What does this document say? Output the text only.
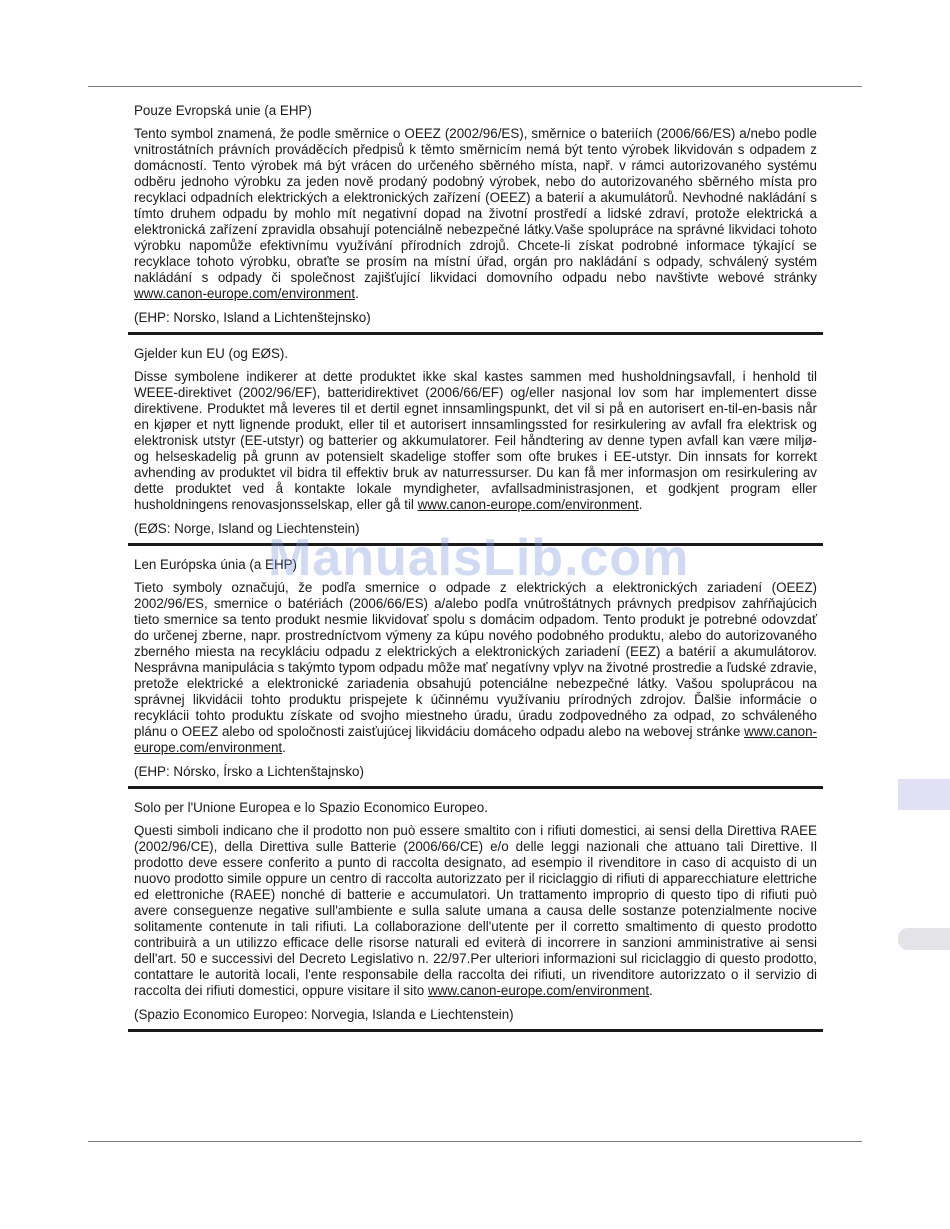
Pouze Evropská unie (a EHP)

Tento symbol znamená, že podle směrnice o OEEZ (2002/96/ES), směrnice o bateriích (2006/66/ES) a/nebo podle vnitrostátních právních prováděcích předpisů k těmto směrnicím nemá být tento výrobek likvidován s odpadem z domácností. Tento výrobek má být vrácen do určeného sběrného místa, např. v rámci autorizovaného systému odběru jednoho výrobku za jeden nově prodaný podobný výrobek, nebo do autorizovaného sběrného místa pro recyklaci odpadních elektrických a elektronických zařízení (OEEZ) a baterií a akumulátorů. Nevhodné nakládání s tímto druhem odpadu by mohlo mít negativní dopad na životní prostředí a lidské zdraví, protože elektrická a elektronická zařízení zpravidla obsahují potenciálně nebezpečné látky.Vaše spolupráce na správné likvidaci tohoto výrobku napomůže efektivnímu využívání přírodních zdrojů. Chcete-li získat podrobné informace týkající se recyklace tohoto výrobku, obraťte se prosím na místní úřad, orgán pro nakládání s odpady, schválený systém nakládání s odpady či společnost zajišťující likvidaci domovního odpadu nebo navštivte webové stránky www.canon-europe.com/environment.

(EHP: Norsko, Island a Lichtenštejnsko)
Gjelder kun EU (og EØS).

Disse symbolene indikerer at dette produktet ikke skal kastes sammen med husholdningsavfall, i henhold til WEEE-direktivet (2002/96/EF), batteridirektivet (2006/66/EF) og/eller nasjonal lov som har implementert disse direktivene. Produktet må leveres til et dertil egnet innsamlingspunkt, det vil si på en autorisert en-til-en-basis når en kjøper et nytt lignende produkt, eller til et autorisert innsamlingssted for resirkulering av avfall fra elektrisk og elektronisk utstyr (EE-utstyr) og batterier og akkumulatorer. Feil håndtering av denne typen avfall kan være miljø- og helseskadelig på grunn av potensielt skadelige stoffer som ofte brukes i EE-utstyr. Din innsats for korrekt avhending av produktet vil bidra til effektiv bruk av naturressurser. Du kan få mer informasjon om resirkulering av dette produktet ved å kontakte lokale myndigheter, avfallsadministrasjonen, et godkjent program eller husholdningens renovasjonsselskap, eller gå til www.canon-europe.com/environment.

(EØS: Norge, Island og Liechtenstein)
Len Európska únia (a EHP)

Tieto symboly označujú, že podľa smernice o odpade z elektrických a elektronických zariadení (OEEZ) 2002/96/ES, smernice o batériách (2006/66/ES) a/alebo podľa vnútroštátnych právnych predpisov zahŕňajúcich tieto smernice sa tento produkt nesmie likvidovať spolu s domácim odpadom. Tento produkt je potrebné odovzdať do určenej zberne, napr. prostredníctvom výmeny za kúpu nového podobného produktu, alebo do autorizovaného zberného miesta na recykláciu odpadu z elektrických a elektronických zariadení (EEZ) a batérií a akumulátorov. Nesprávna manipulácia s takýmto typom odpadu môže mať negatívny vplyv na životné prostredie a ľudské zdravie, pretože elektrické a elektronické zariadenia obsahujú potenciálne nebezpečné látky. Vašou spoluprácou na správnej likvidácii tohto produktu prispejete k účinnému využívaniu prírodných zdrojov. Ďalšie informácie o recyklácii tohto produktu získate od svojho miestneho úradu, úradu zodpovedného za odpad, zo schváleného plánu o OEEZ alebo od spoločnosti zaisťujúcej likvidáciu domáceho odpadu alebo na webovej stránke www.canon-europe.com/environment.

(EHP: Nórsko, Írsko a Lichtenštajnsko)
Solo per l'Unione Europea e lo Spazio Economico Europeo.

Questi simboli indicano che il prodotto non può essere smaltito con i rifiuti domestici, ai sensi della Direttiva RAEE (2002/96/CE), della Direttiva sulle Batterie (2006/66/CE) e/o delle leggi nazionali che attuano tali Direttive. Il prodotto deve essere conferito a punto di raccolta designato, ad esempio il rivenditore in caso di acquisto di un nuovo prodotto simile oppure un centro di raccolta autorizzato per il riciclaggio di rifiuti di apparecchiature elettriche ed elettroniche (RAEE) nonché di batterie e accumulatori. Un trattamento improprio di questo tipo di rifiuti può avere conseguenze negative sull'ambiente e sulla salute umana a causa delle sostanze potenzialmente nocive solitamente contenute in tali rifiuti. La collaborazione dell'utente per il corretto smaltimento di questo prodotto contribuirà a un utilizzo efficace delle risorse naturali ed eviterà di incorrere in sanzioni amministrative ai sensi dell'art. 50 e successivi del Decreto Legislativo n. 22/97.Per ulteriori informazioni sul riciclaggio di questo prodotto, contattare le autorità locali, l'ente responsabile della raccolta dei rifiuti, un rivenditore autorizzato o il servizio di raccolta dei rifiuti domestici, oppure visitare il sito www.canon-europe.com/environment.

(Spazio Economico Europeo: Norvegia, Islanda e Liechtenstein)
ManualsLib.com
